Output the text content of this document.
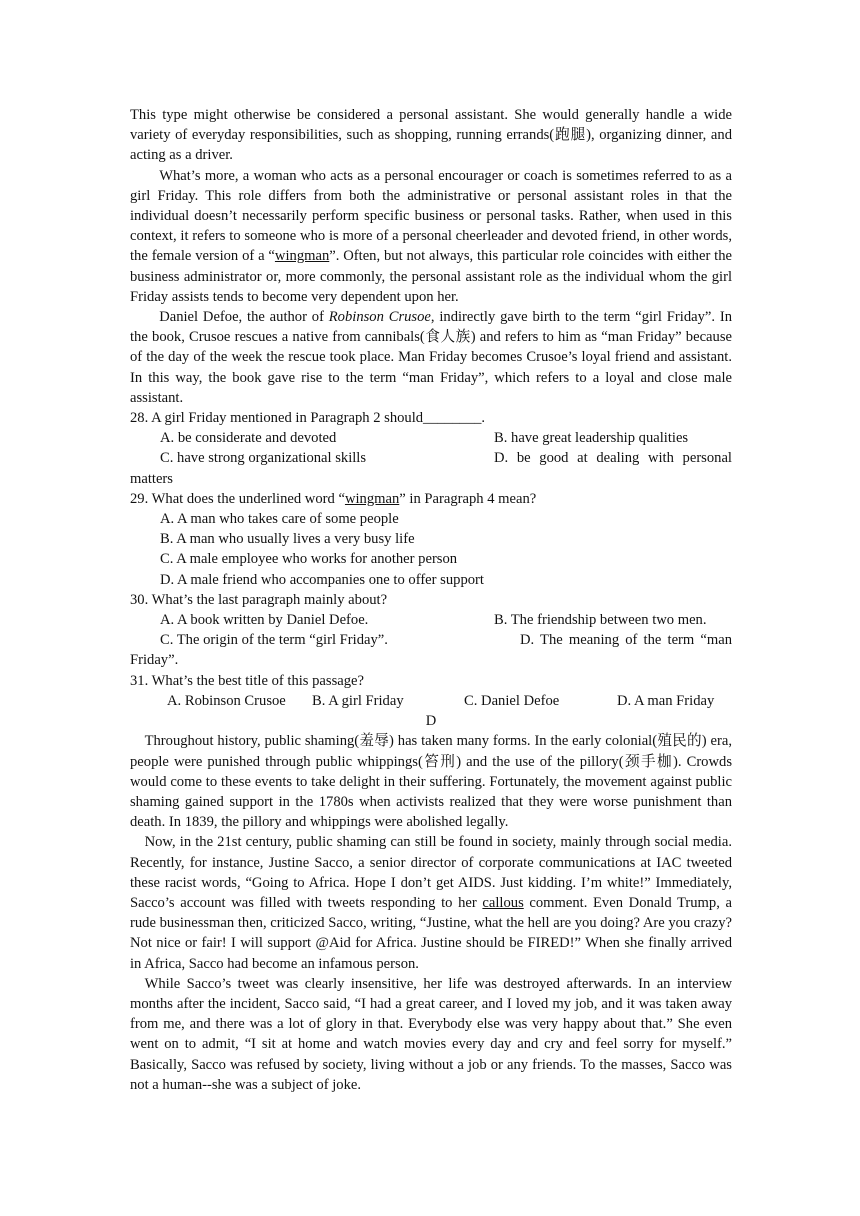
This type might otherwise be considered a personal assistant. She would generally handle a wide variety of everyday responsibilities, such as shopping, running errands(跑腿), organizing dinner, and acting as a driver.

What’s more, a woman who acts as a personal encourager or coach is sometimes referred to as a girl Friday. This role differs from both the administrative or personal assistant roles in that the individual doesn’t necessarily perform specific business or personal tasks. Rather, when used in this context, it refers to someone who is more of a personal cheerleader and devoted friend, in other words, the female version of a “wingman”. Often, but not always, this particular role coincides with either the business administrator or, more commonly, the personal assistant role as the individual whom the girl Friday assists tends to become very dependent upon her.

Daniel Defoe, the author of Robinson Crusoe, indirectly gave birth to the term “girl Friday”. In the book, Crusoe rescues a native from cannibals(食人族) and refers to him as “man Friday” because of the day of the week the rescue took place. Man Friday becomes Crusoe’s loyal friend and assistant. In this way, the book gave rise to the term “man Friday”, which refers to a loyal and close male assistant.

28. A girl Friday mentioned in Paragraph 2 should________.

A. be considerate and devoted	B. have great leadership qualities
C. have strong organizational skills	D. be good at dealing with personal

matters

29. What does the underlined word “wingman” in Paragraph 4 mean?

A. A man who takes care of some people
B. A man who usually lives a very busy life
C. A male employee who works for another person
D. A male friend who accompanies one to offer support

30. What’s the last paragraph mainly about?

A. A book written by Daniel Defoe.	B. The friendship between two men.
C. The origin of the term “girl Friday”.	D. The meaning of the term “man

Friday”.

31. What’s the best title of this passage?

A. Robinson Crusoe	B. A girl Friday	C. Daniel Defoe	D. A man Friday
D

Throughout history, public shaming(羞辱) has taken many forms. In the early colonial(殖民的) era, people were punished through public whippings(笞刑) and the use of the pillory(颈手枷). Crowds would come to these events to take delight in their suffering. Fortunately, the movement against public shaming gained support in the 1780s when activists realized that they were worse punishment than death. In 1839, the pillory and whippings were abolished legally.

Now, in the 21st century, public shaming can still be found in society, mainly through social media. Recently, for instance, Justine Sacco, a senior director of corporate communications at IAC tweeted these racist words, “Going to Africa. Hope I don’t get AIDS. Just kidding. I’m white!” Immediately, Sacco’s account was filled with tweets responding to her callous comment. Even Donald Trump, a rude businessman then, criticized Sacco, writing, “Justine, what the hell are you doing? Are you crazy? Not nice or fair! I will support @Aid for Africa. Justine should be FIRED!” When she finally arrived in Africa, Sacco had become an infamous person.

While Sacco’s tweet was clearly insensitive, her life was destroyed afterwards. In an interview months after the incident, Sacco said, “I had a great career, and I loved my job, and it was taken away from me, and there was a lot of glory in that. Everybody else was very happy about that.” She even went on to admit, “I sit at home and watch movies every day and cry and feel sorry for myself.” Basically, Sacco was refused by society, living without a job or any friends. To the masses, Sacco was not a human--she was a subject of joke.
